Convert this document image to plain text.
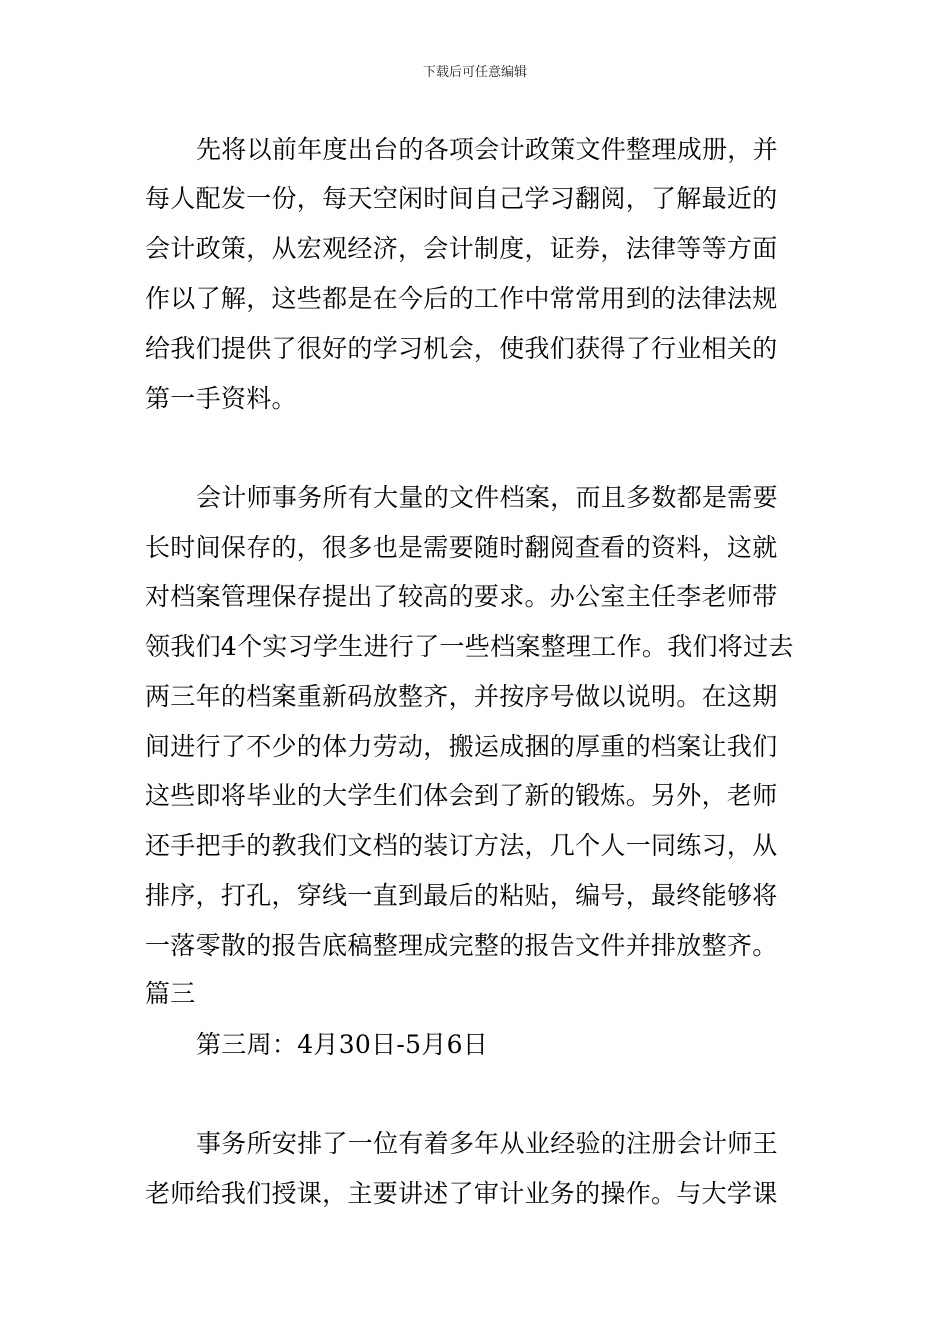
下载后可任意编辑
先将以前年度出台的各项会计政策文件整理成册，并
每人配发一份，每天空闲时间自己学习翻阅，了解最近的
会计政策，从宏观经济，会计制度，证券，法律等等方面
作以了解，这些都是在今后的工作中常常用到的法律法规
给我们提供了很好的学习机会，使我们获得了行业相关的
第一手资料。
会计师事务所有大量的文件档案，而且多数都是需要
长时间保存的，很多也是需要随时翻阅查看的资料，这就
对档案管理保存提出了较高的要求。办公室主任李老师带
领我们4个实习学生进行了一些档案整理工作。我们将过去
两三年的档案重新码放整齐，并按序号做以说明。在这期
间进行了不少的体力劳动，搬运成捆的厚重的档案让我们
这些即将毕业的大学生们体会到了新的锻炼。另外，老师
还手把手的教我们文档的装订方法，几个人一同练习，从
排序，打孔，穿线一直到最后的粘贴，编号，最终能够将
一落零散的报告底稿整理成完整的报告文件并排放整齐。
篇三
第三周：4月30日-5月6日
事务所安排了一位有着多年从业经验的注册会计师王
老师给我们授课，主要讲述了审计业务的操作。与大学课
